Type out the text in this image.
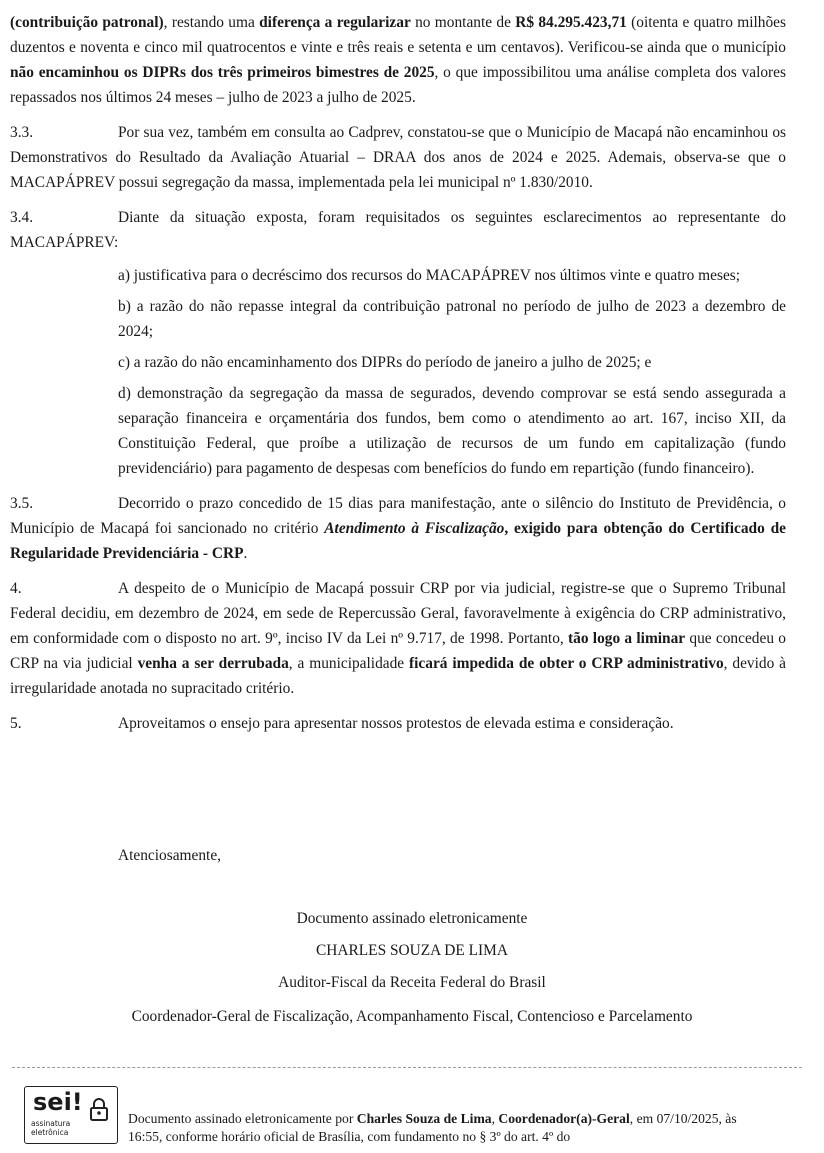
(contribuição patronal), restando uma diferença a regularizar no montante de R$ 84.295.423,71 (oitenta e quatro milhões duzentos e noventa e cinco mil quatrocentos e vinte e três reais e setenta e um centavos). Verificou-se ainda que o município não encaminhou os DIPRs dos três primeiros bimestres de 2025, o que impossibilitou uma análise completa dos valores repassados nos últimos 24 meses – julho de 2023 a julho de 2025.

3.3.	Por sua vez, também em consulta ao Cadprev, constatou-se que o Município de Macapá não encaminhou os Demonstrativos do Resultado da Avaliação Atuarial – DRAA dos anos de 2024 e 2025. Ademais, observa-se que o MACAPÁPREV possui segregação da massa, implementada pela lei municipal nº 1.830/2010.

3.4.	Diante da situação exposta, foram requisitados os seguintes esclarecimentos ao representante do MACAPÁPREV:

a) justificativa para o decréscimo dos recursos do MACAPÁPREV nos últimos vinte e quatro meses;

b) a razão do não repasse integral da contribuição patronal no período de julho de 2023 a dezembro de 2024;

c) a razão do não encaminhamento dos DIPRs do período de janeiro a julho de 2025; e

d) demonstração da segregação da massa de segurados, devendo comprovar se está sendo assegurada a separação financeira e orçamentária dos fundos, bem como o atendimento ao art. 167, inciso XII, da Constituição Federal, que proíbe a utilização de recursos de um fundo em capitalização (fundo previdenciário) para pagamento de despesas com benefícios do fundo em repartição (fundo financeiro).

3.5.	Decorrido o prazo concedido de 15 dias para manifestação, ante o silêncio do Instituto de Previdência, o Município de Macapá foi sancionado no critério Atendimento à Fiscalização, exigido para obtenção do Certificado de Regularidade Previdenciária - CRP.

4.	A despeito de o Município de Macapá possuir CRP por via judicial, registre-se que o Supremo Tribunal Federal decidiu, em dezembro de 2024, em sede de Repercussão Geral, favoravelmente à exigência do CRP administrativo, em conformidade com o disposto no art. 9º, inciso IV da Lei nº 9.717, de 1998. Portanto, tão logo a liminar que concedeu o CRP na via judicial venha a ser derrubada, a municipalidade ficará impedida de obter o CRP administrativo, devido à irregularidade anotada no supracitado critério.

5.	Aproveitamos o ensejo para apresentar nossos protestos de elevada estima e consideração.

Atenciosamente,
Documento assinado eletronicamente
CHARLES SOUZA DE LIMA
Auditor-Fiscal da Receita Federal do Brasil
Coordenador-Geral de Fiscalização, Acompanhamento Fiscal, Contencioso e Parcelamento
sei!
assinatura
eletrônica
Documento assinado eletronicamente por Charles Souza de Lima, Coordenador(a)-Geral, em 07/10/2025, às 16:55, conforme horário oficial de Brasília, com fundamento no § 3º do art. 4º do
